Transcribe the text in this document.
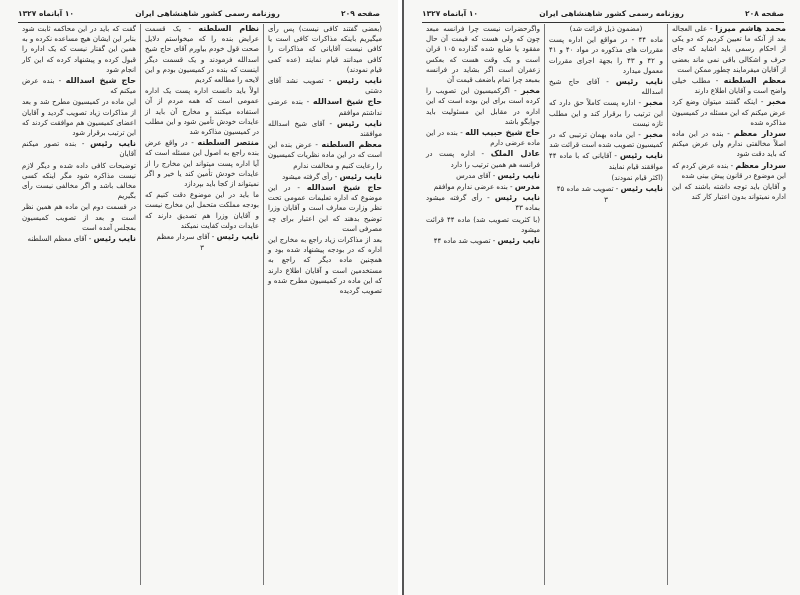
صفحه ۲۰۹
روزنامه رسمی کشور شاهنشاهی ایران
۱۰ آبانماه ۱۳۲۷

(بعضی گفتند کافی نیست) پس رأی میگیریم باینکه مذاکرات کافی است یا کافی نیست آقایانی که مذاکرات را کافی میدانند قیام نمایند (عده کمی قیام نمودند)

نایب رئیس - تصویب نشد آقای دشتی

حاج شیخ اسدالله - بنده عرضی نداشتم موافقم

نایب رئیس - آقای شیخ اسدالله موافقند

معظم السلطنه - عرض بنده این است که در این ماده نظریات کمیسیون را رعایت کنیم و مخالفت ندارم

نایب رئیس - رأی گرفته میشود

حاج شیخ اسدالله - در این موضوع که اداره تعلیمات عمومی تحت نظر وزارت معارف است و آقایان وزرا توضیح بدهند که این اعتبار برای چه مصرفی است

بعد از مذاکرات زیاد راجع به مخارج این اداره که در بودجه پیشنهاد شده بود و همچنین ماده دیگر که راجع به مستخدمین است و آقایان اطلاع دارند که این ماده در کمیسیون مطرح شده و تصویب گردیده

نظام السلطنه - یک قسمت عرایض بنده را که میخواستم دلایل صحت قول خودم بیاورم آقای حاج شیخ اسدالله فرمودند و یک قسمت دیگر اینست که بنده در کمیسیون بودم و این لایحه را مطالعه کردیم

اولاً باید دانست اداره پست یک اداره عمومی است که همه مردم از آن استفاده میکنند و مخارج آن باید از عایدات خودش تأمین شود و این مطلب در کمیسیون مذاکره شد

منتصر السلطنه - در واقع عرض بنده راجع به اصول این مسئله است که آیا اداره پست میتواند این مخارج را از عایدات خودش تأمین کند یا خیر و اگر نمیتواند از کجا باید بپردازد

ما باید در این موضوع دقت کنیم که بودجه مملکت متحمل این مخارج نیست و آقایان وزرا هم تصدیق دارند که عایدات دولت کفایت نمیکند

نایب رئیس - آقای سردار معظم

۳

گفت که باید در این محاکمه ثابت شود بنابر این ایشان هیچ مساعده نکرده و به همین این گفتار نیست که یک اداره را قبول کرده و پیشنهاد کرده که این کار انجام شود

حاج شیخ اسدالله - بنده عرض میکنم که

این ماده در کمیسیون مطرح شد و بعد از مذاکرات زیاد تصویب گردید و آقایان اعضای کمیسیون هم موافقت کردند که این ترتیب برقرار شود

نایب رئیس - بنده تصور میکنم آقایان

توضیحات کافی داده شده و دیگر لازم نیست مذاکره شود مگر اینکه کسی مخالف باشد و اگر مخالفی نیست رأی بگیریم

در قسمت دوم این ماده هم همین نظر است و بعد از تصویب کمیسیون بمجلس آمده است

نایب رئیس - آقای معظم السلطنه

صفحه ۲۰۸
روزنامه رسمی کشور شاهنشاهی ایران
۱۰ آبانماه ۱۳۲۷

محمد هاشم میرزا - علی العجاله بعد از آنکه ما تعیین کردیم که دو یکی از احکام رسمی باید اشاید که جای حرف و اشکالی باقی نمی ماند بعضی از آقایان میفرمایند چطور ممکن است

معظم السلطنه - مطلب خیلی واضح است و آقایان اطلاع دارند

مخبر - اینکه گفتند میتوان وضع کرد عرض میکنم که این مسئله در کمیسیون مذاکره شده

سردار معظم - بنده در این ماده اصلاً مخالفتی ندارم ولی عرض میکنم که باید دقت شود

سردار معظم - بنده عرض کردم که این موضوع در قانون پیش بینی شده

و آقایان باید توجه داشته باشند که این اداره نمیتواند بدون اعتبار کار کند

(مضمون ذیل قرائت شد)

ماده ۴۴ - در مواقع این اداره پست مقررات های مذکوره در مواد ۴۰ و ۴۱ و ۴۲ و ۴۳ را بجهة اجرای مقررات معمول میدارد

نایب رئیس - آقای حاج شیخ اسدالله

مخبر - اداره پست کاملاً حق دارد که این ترتیب را برقرار کند و این مطلب تازه نیست

مخبر - این ماده بهمان ترتیبی که در کمیسیون تصویب شده است قرائت شد

نایب رئیس - آقایانی که با ماده ۴۴ موافقند قیام نمایند

(اکثر قیام نمودند)

نایب رئیس - تصویب شد ماده ۴۵

۳

واگرحضرات نیست چرا فرانسه مبعد چون که ولی هست که قیمت آن حال مفقود یا ضایع شده گذارده ۱۰۵ قران است و یک وقت هست که بعکس زعفران است اگر بشاید در فرانسه بمبعد چرا تمام باضعف قیمت آن

مخبر - اگرکمیسیون این تصویب را کرده است برای این بوده است که این اداره در مقابل این مسئولیت باید جوابگو باشد

حاج شیخ حبیب الله - بنده در این ماده عرضی دارم

عادل الملک - اداره پست در فرانسه هم همین ترتیب را دارد

نایب رئیس - آقای مدرس

مدرس - بنده عرضی ندارم موافقم

نایب رئیس - رأی گرفته میشود بماده ۴۳

(با کثریت تصویب شد) ماده ۴۴ قرائت میشود

نایب رئیس - تصویب شد ماده ۴۴
